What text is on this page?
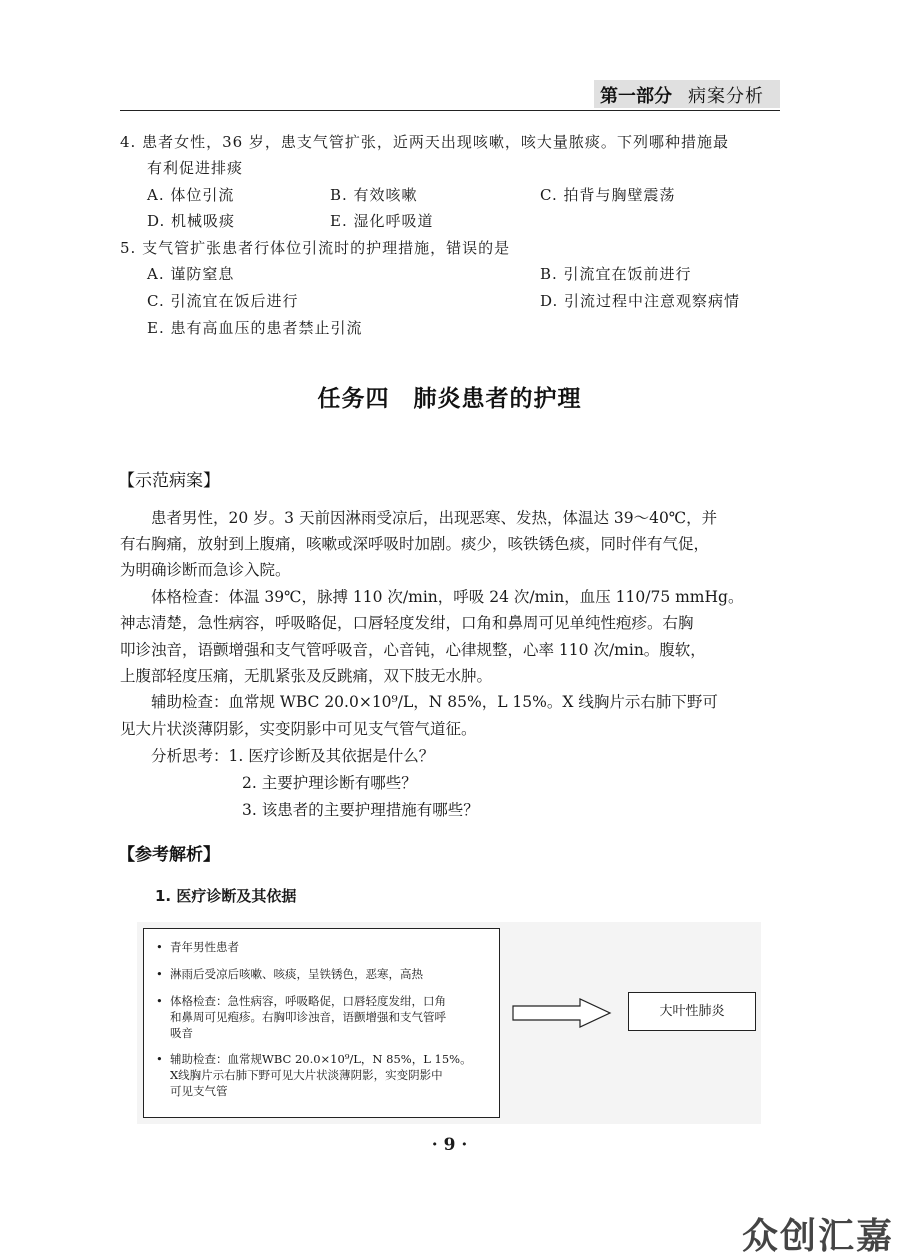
第一部分 病案分析
4. 患者女性，36 岁，患支气管扩张，近两天出现咳嗽，咳大量脓痰。下列哪种措施最
有利促进排痰
A. 体位引流	B. 有效咳嗽	C. 拍背与胸壁震荡
D. 机械吸痰	E. 湿化呼吸道
5. 支气管扩张患者行体位引流时的护理措施，错误的是
A. 谨防窒息	B. 引流宜在饭前进行
C. 引流宜在饭后进行	D. 引流过程中注意观察病情
E. 患有高血压的患者禁止引流
任务四　肺炎患者的护理
【示范病案】
　　患者男性，20 岁。3 天前因淋雨受凉后，出现恶寒、发热，体温达 39～40℃，并
有右胸痛，放射到上腹痛，咳嗽或深呼吸时加剧。痰少，咳铁锈色痰，同时伴有气促，
为明确诊断而急诊入院。
　　体格检查：体温 39℃，脉搏 110 次/min，呼吸 24 次/min，血压 110/75 mmHg。
神志清楚，急性病容，呼吸略促，口唇轻度发绀，口角和鼻周可见单纯性疱疹。右胸
叩诊浊音，语颤增强和支气管呼吸音，心音钝，心律规整，心率 110 次/min。腹软，
上腹部轻度压痛，无肌紧张及反跳痛，双下肢无水肿。
　　辅助检查：血常规 WBC 20.0×10⁹/L，N 85%，L 15%。X 线胸片示右肺下野可
见大片状淡薄阴影，实变阴影中可见支气管气道征。
　　分析思考：1. 医疗诊断及其依据是什么？
2. 主要护理诊断有哪些？
3. 该患者的主要护理措施有哪些？
【参考解析】
1. 医疗诊断及其依据
• 青年男性患者
• 淋雨后受凉后咳嗽、咳痰，呈铁锈色，恶寒，高热
• 体格检查：急性病容，呼吸略促，口唇轻度发绀，口角
和鼻周可见疱疹。右胸叩诊浊音，语颤增强和支气管呼
吸音
• 辅助检查：血常规WBC 20.0×10⁹/L，N 85%，L 15%。
X线胸片示右肺下野可见大片状淡薄阴影，实变阴影中
可见支气管
大叶性肺炎
· 9 ·
众创汇嘉
